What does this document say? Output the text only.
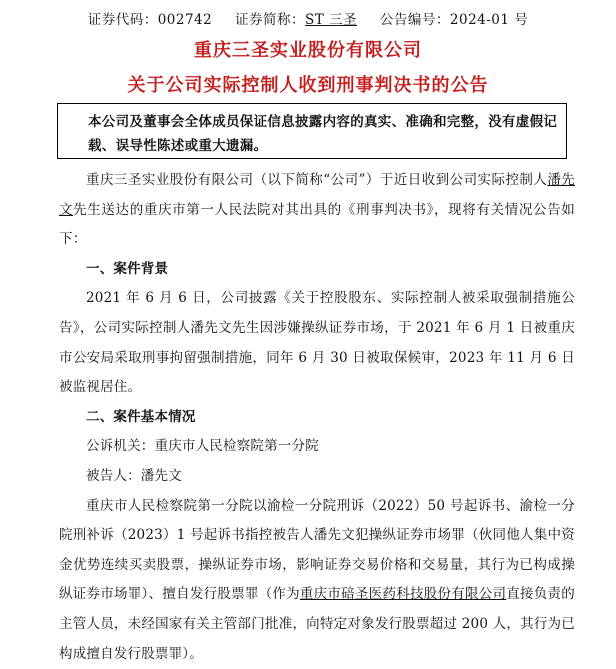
证券代码：002742 证券简称：ST 三圣 公告编号：2024-01 号
重庆三圣实业股份有限公司
关于公司实际控制人收到刑事判决书的公告
本公司及董事会全体成员保证信息披露内容的真实、准确和完整，没有虚假记载、误导性陈述或重大遗漏。

重庆三圣实业股份有限公司（以下简称“公司”）于近日收到公司实际控制人潘先文先生送达的重庆市第一人民法院对其出具的《刑事判决书》，现将有关情况公告如下：

一、案件背景

2021 年 6 月 6 日，公司披露《关于控股股东、实际控制人被采取强制措施公告》，公司实际控制人潘先文先生因涉嫌操纵证券市场，于 2021 年 6 月 1 日被重庆市公安局采取刑事拘留强制措施，同年 6 月 30 日被取保候审，2023 年 11 月 6 日被监视居住。

二、案件基本情况

公诉机关：重庆市人民检察院第一分院

被告人：潘先文

重庆市人民检察院第一分院以渝检一分院刑诉（2022）50 号起诉书、渝检一分院刑补诉（2023）1 号起诉书指控被告人潘先文犯操纵证券市场罪（伙同他人集中资金优势连续买卖股票，操纵证券市场，影响证券交易价格和交易量，其行为已构成操纵证券市场罪）、擅自发行股票罪（作为重庆市碚圣医药科技股份有限公司直接负责的主管人员，未经国家有关主管部门批准，向特定对象发行股票超过 200 人，其行为已构成擅自发行股票罪）。
